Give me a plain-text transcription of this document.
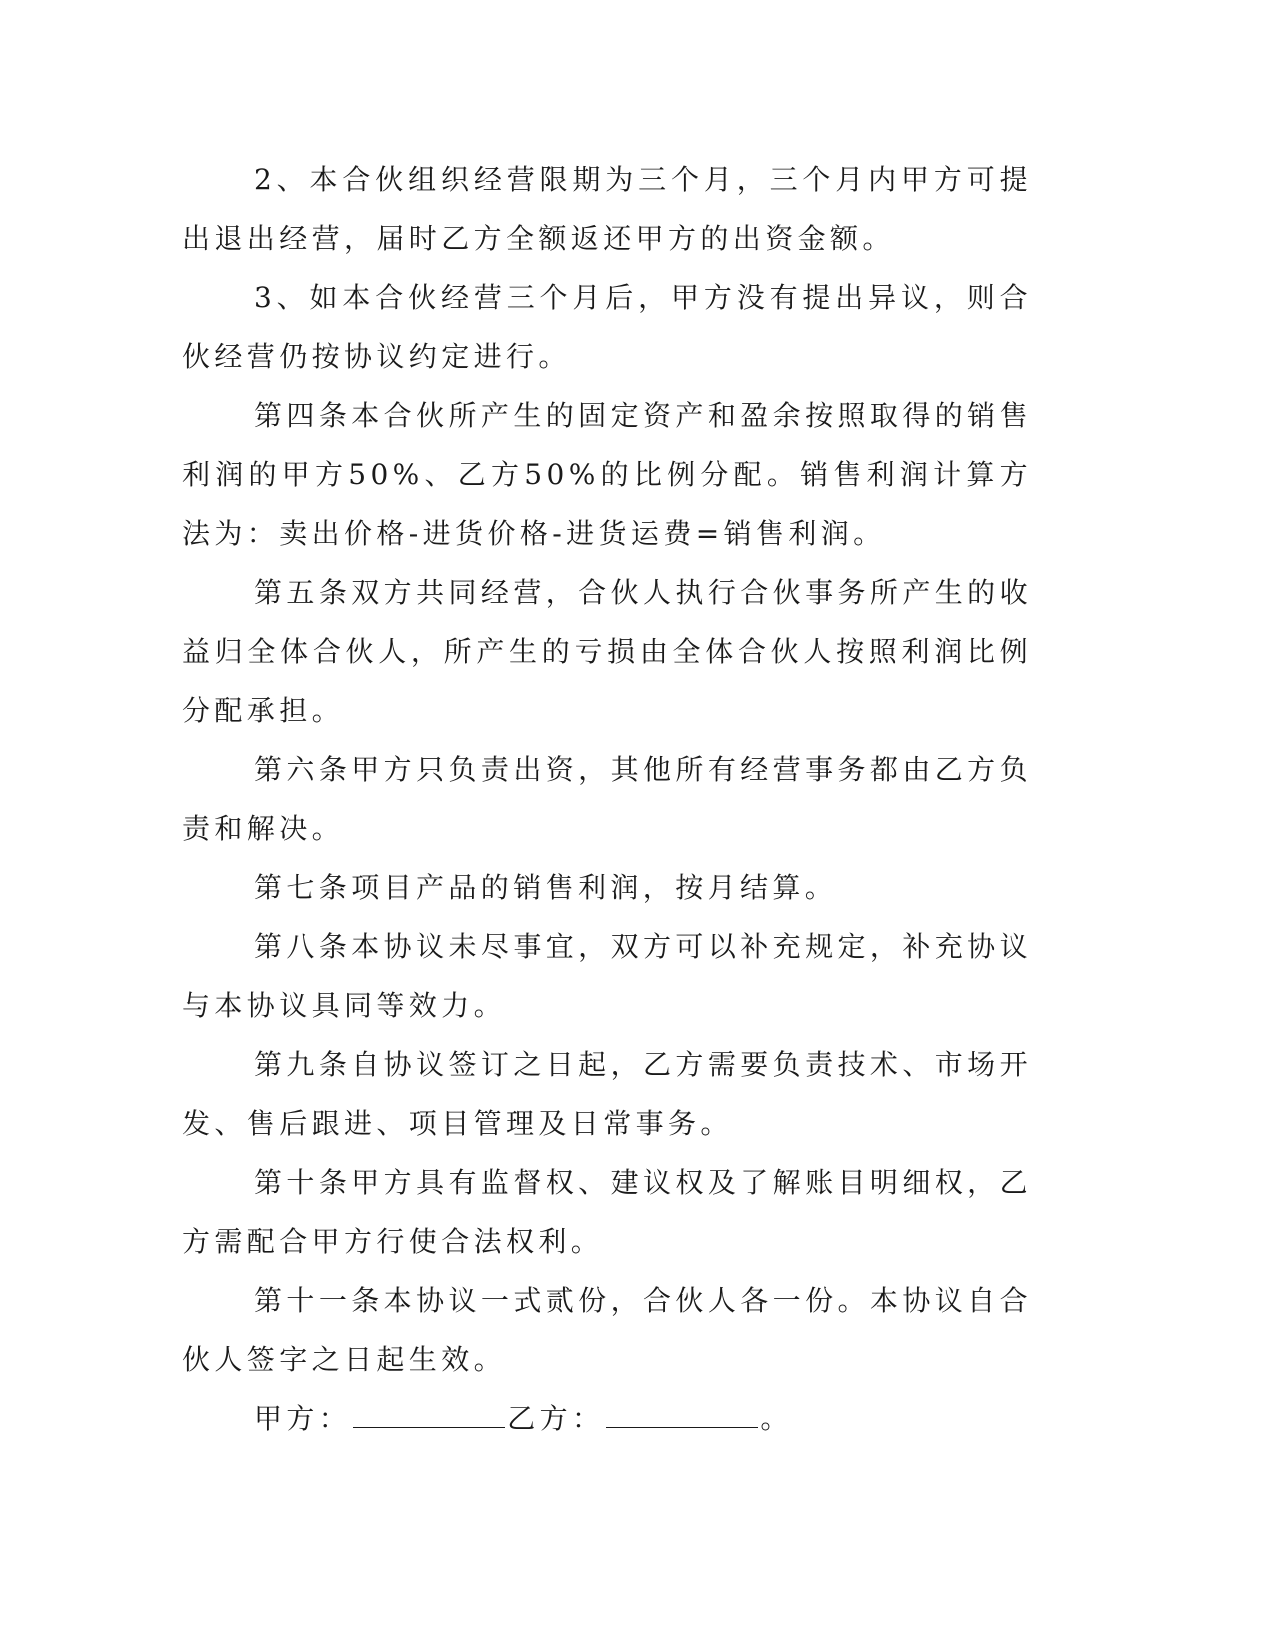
2、本合伙组织经营限期为三个月，三个月内甲方可提出退出经营，届时乙方全额返还甲方的出资金额。

3、如本合伙经营三个月后，甲方没有提出异议，则合伙经营仍按协议约定进行。

第四条本合伙所产生的固定资产和盈余按照取得的销售利润的甲方50%、乙方50%的比例分配。销售利润计算方法为：卖出价格-进货价格-进货运费=销售利润。

第五条双方共同经营，合伙人执行合伙事务所产生的收益归全体合伙人，所产生的亏损由全体合伙人按照利润比例分配承担。

第六条甲方只负责出资，其他所有经营事务都由乙方负责和解决。

第七条项目产品的销售利润，按月结算。

第八条本协议未尽事宜，双方可以补充规定，补充协议与本协议具同等效力。

第九条自协议签订之日起，乙方需要负责技术、市场开发、售后跟进、项目管理及日常事务。

第十条甲方具有监督权、建议权及了解账目明细权，乙方需配合甲方行使合法权利。

第十一条本协议一式贰份，合伙人各一份。本协议自合伙人签字之日起生效。

甲方：	乙方：	。
